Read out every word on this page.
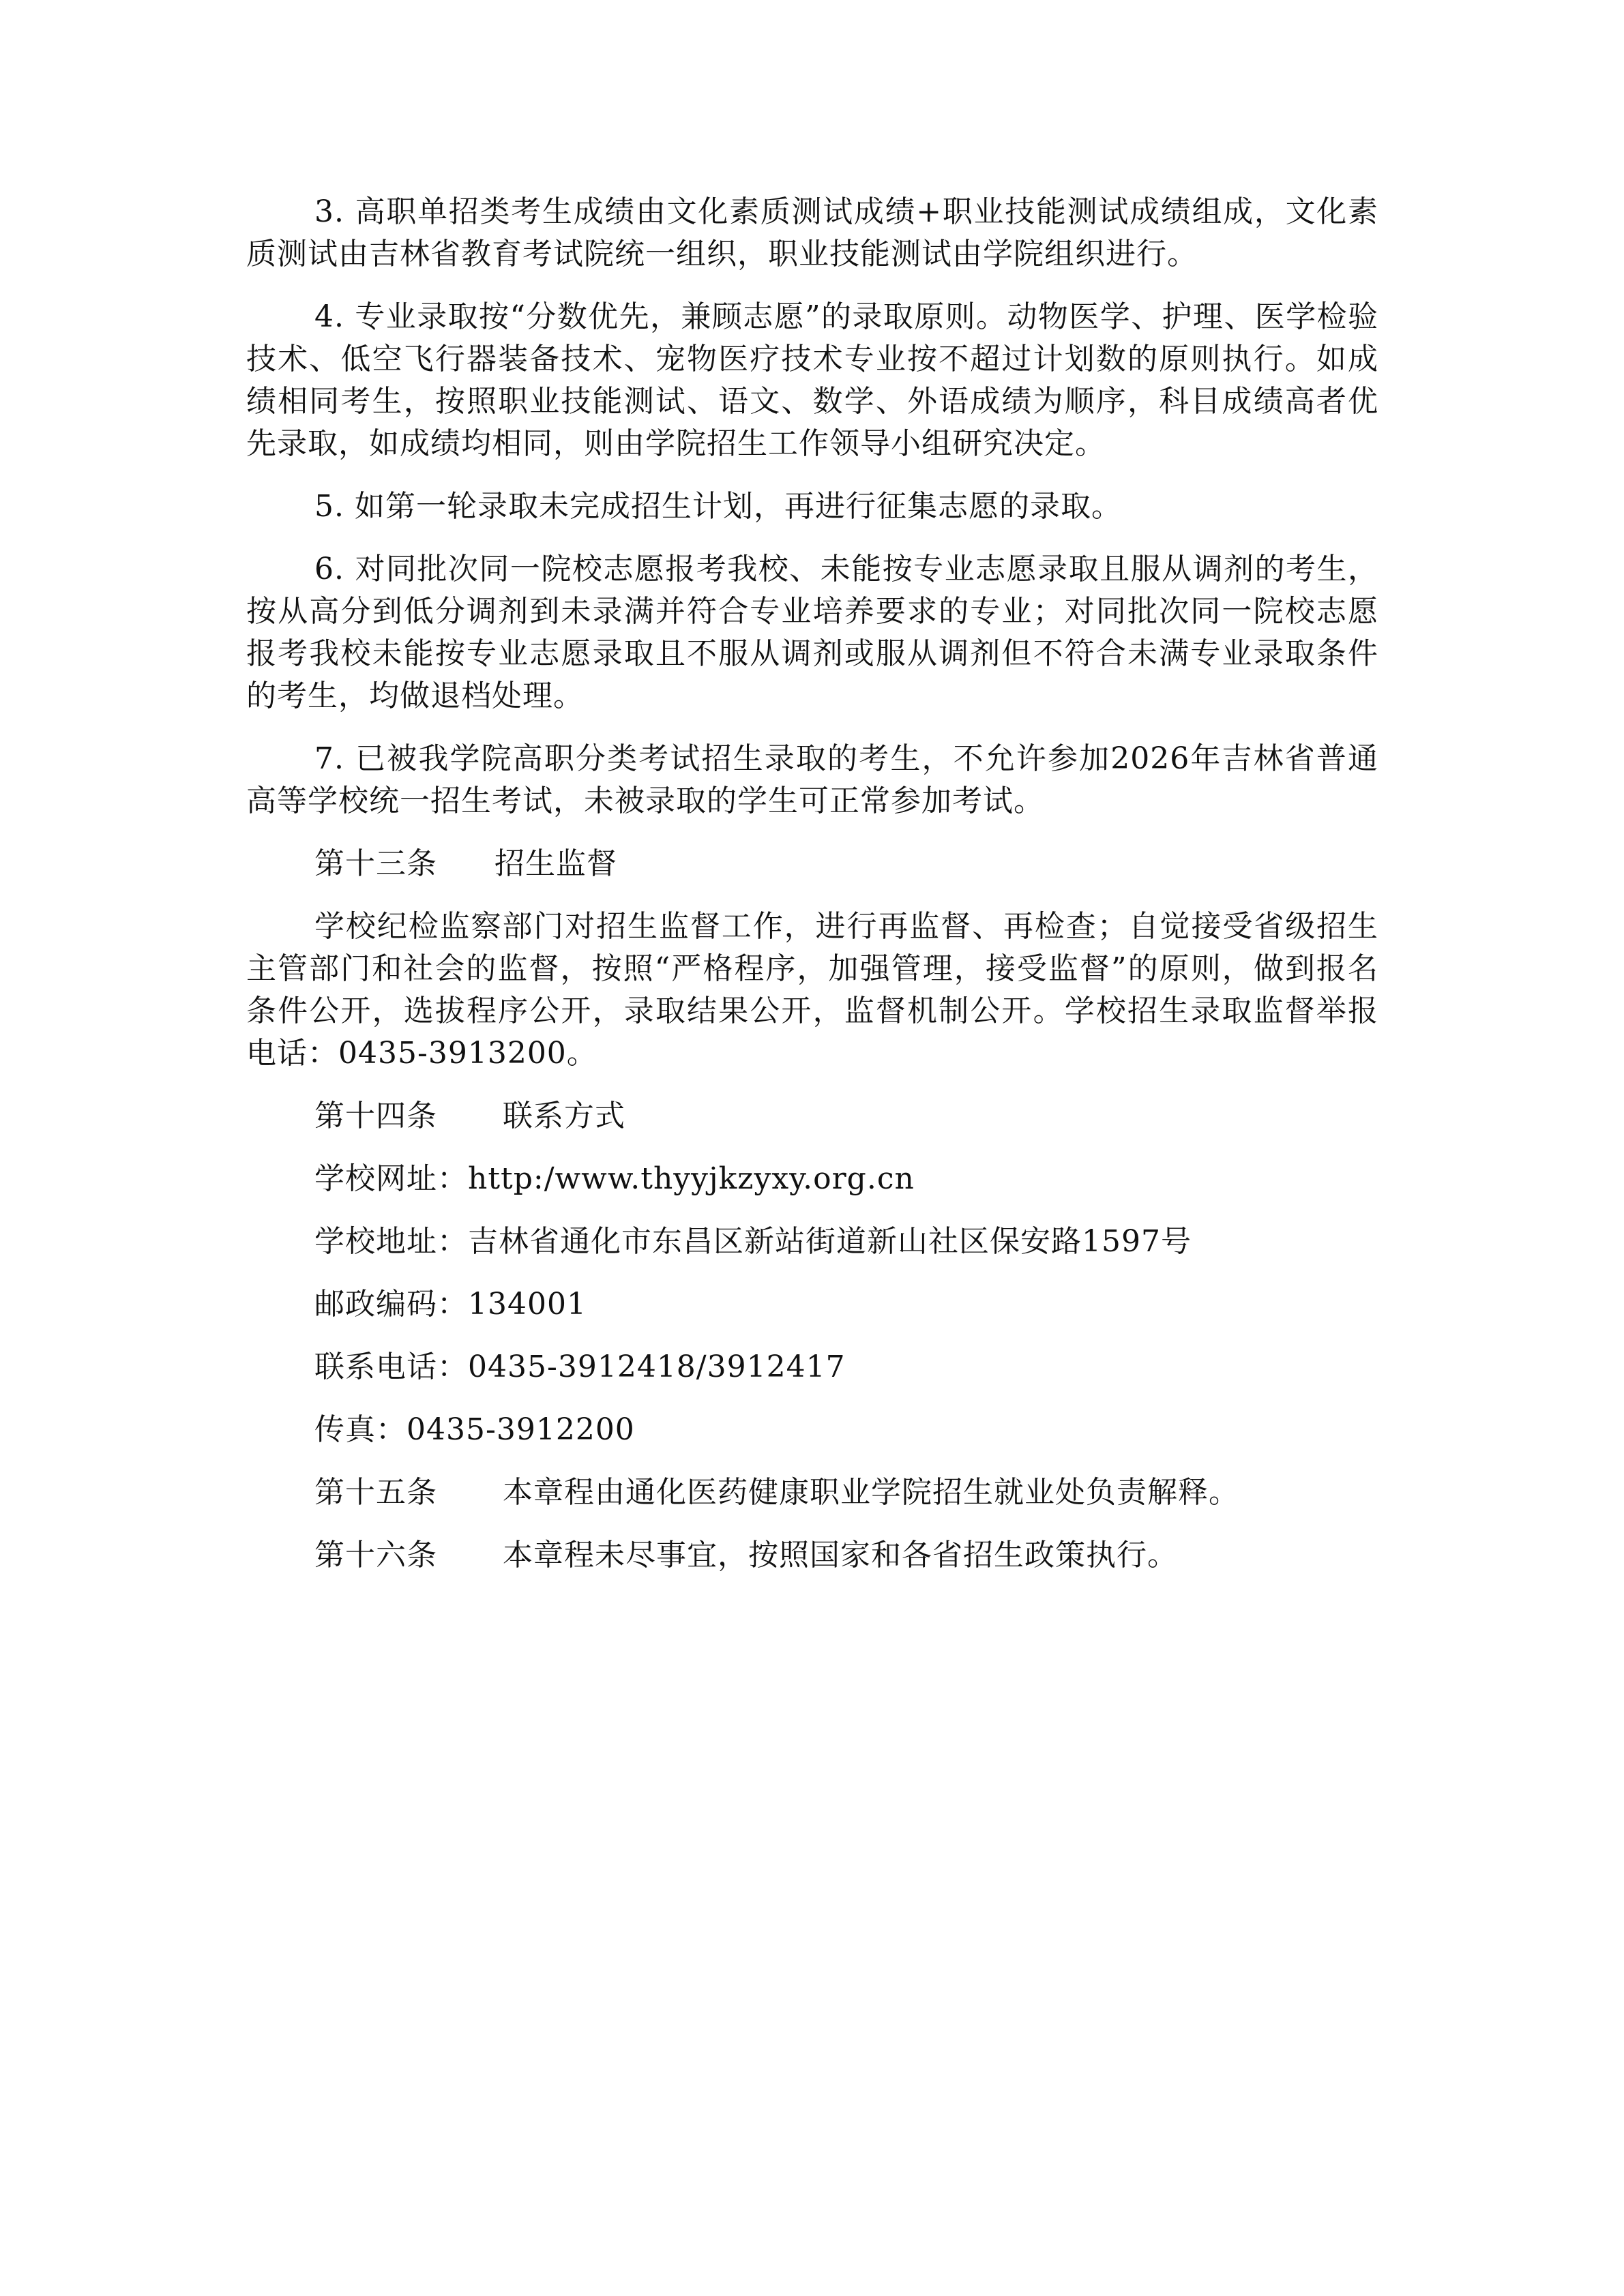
3. 高职单招类考生成绩由文化素质测试成绩+职业技能测试成绩组成，文化素质测试由吉林省教育考试院统一组织，职业技能测试由学院组织进行。

4. 专业录取按“分数优先，兼顾志愿”的录取原则。动物医学、护理、医学检验技术、低空飞行器装备技术、宠物医疗技术专业按不超过计划数的原则执行。如成绩相同考生，按照职业技能测试、语文、数学、外语成绩为顺序，科目成绩高者优先录取，如成绩均相同，则由学院招生工作领导小组研究决定。

5. 如第一轮录取未完成招生计划，再进行征集志愿的录取。

6. 对同批次同一院校志愿报考我校、未能按专业志愿录取且服从调剂的考生，按从高分到低分调剂到未录满并符合专业培养要求的专业；对同批次同一院校志愿报考我校未能按专业志愿录取且不服从调剂或服从调剂但不符合未满专业录取条件的考生，均做退档处理。

7. 已被我学院高职分类考试招生录取的考生，不允许参加2026年吉林省普通高等学校统一招生考试，未被录取的学生可正常参加考试。

第十三条 招生监督

学校纪检监察部门对招生监督工作，进行再监督、再检查；自觉接受省级招生主管部门和社会的监督，按照“严格程序，加强管理，接受监督”的原则，做到报名条件公开，选拔程序公开，录取结果公开，监督机制公开。学校招生录取监督举报电话：0435-3913200。

第十四条 联系方式
学校网址：http:/www.thyyjkzyxy.org.cn
学校地址：吉林省通化市东昌区新站街道新山社区保安路1597号
邮政编码：134001
联系电话：0435-3912418/3912417
传真：0435-3912200
第十五条 本章程由通化医药健康职业学院招生就业处负责解释。
第十六条 本章程未尽事宜，按照国家和各省招生政策执行。
